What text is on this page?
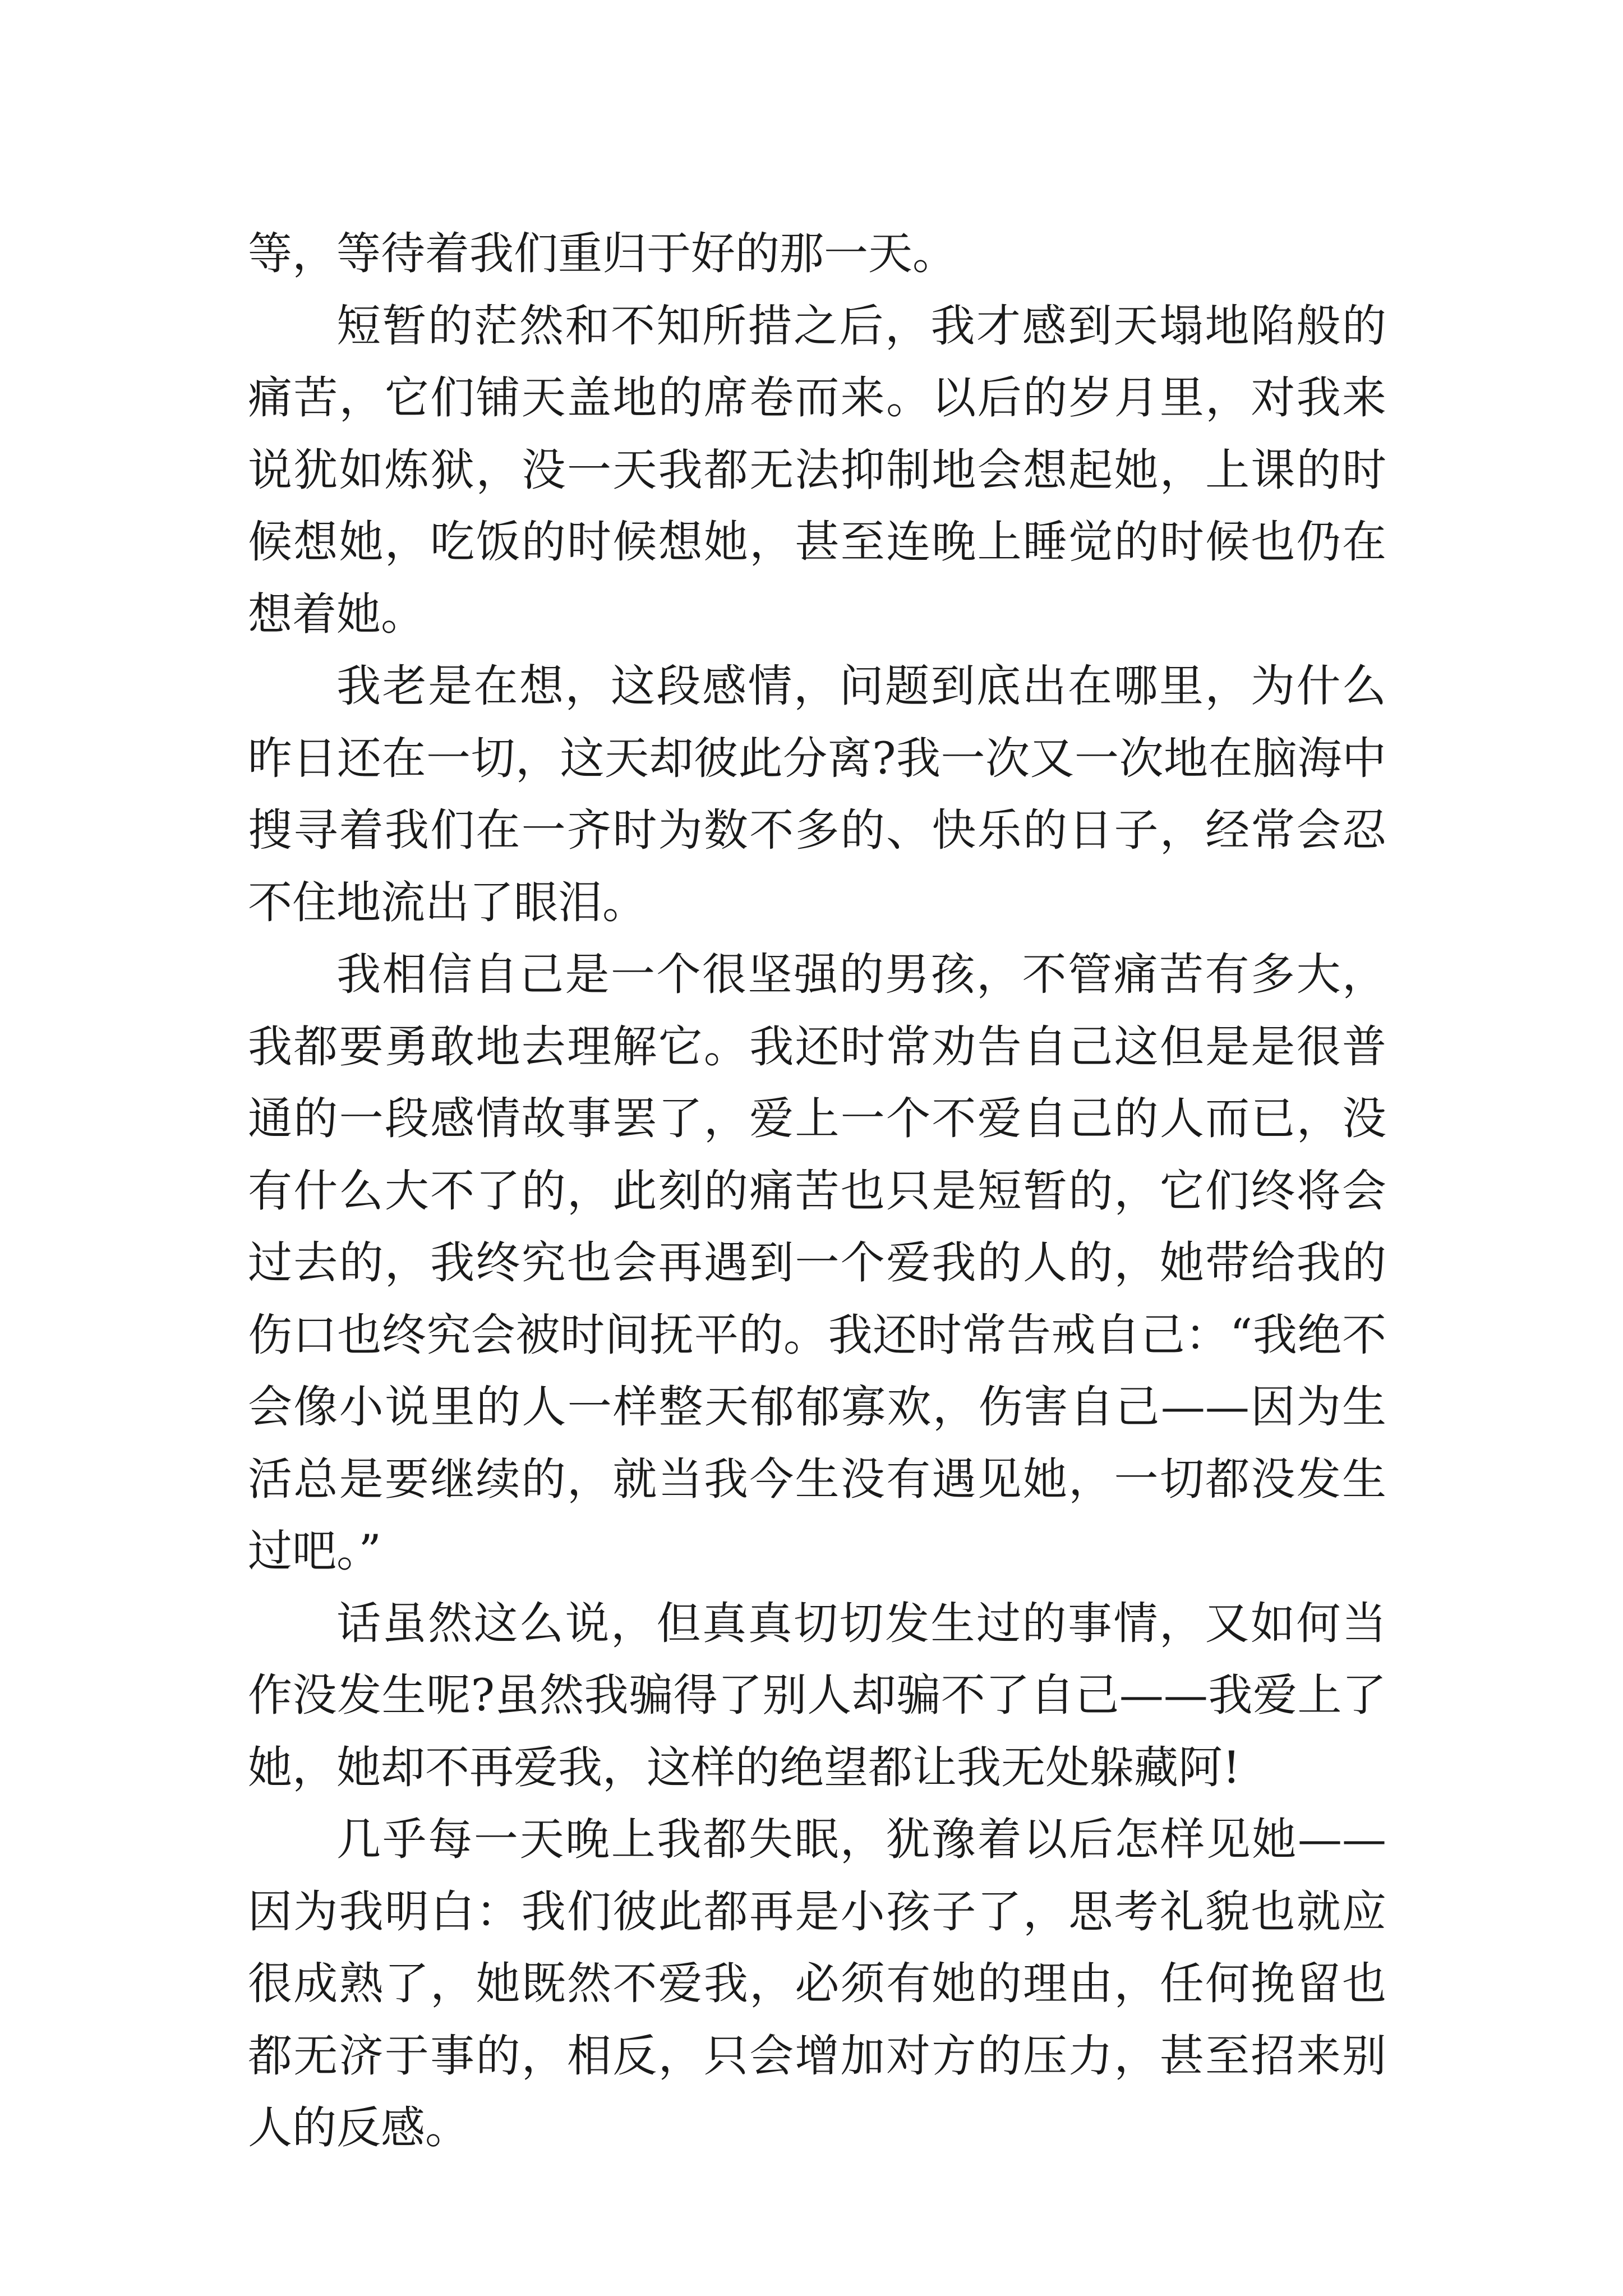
等，等待着我们重归于好的那一天。

短暂的茫然和不知所措之后，我才感到天塌地陷般的痛苦，它们铺天盖地的席卷而来。以后的岁月里，对我来说犹如炼狱，没一天我都无法抑制地会想起她，上课的时候想她，吃饭的时候想她，甚至连晚上睡觉的时候也仍在想着她。

我老是在想，这段感情，问题到底出在哪里，为什么昨日还在一切，这天却彼此分离?我一次又一次地在脑海中搜寻着我们在一齐时为数不多的、快乐的日子，经常会忍不住地流出了眼泪。

我相信自己是一个很坚强的男孩，不管痛苦有多大，我都要勇敢地去理解它。我还时常劝告自己这但是是很普通的一段感情故事罢了，爱上一个不爱自己的人而已，没有什么大不了的，此刻的痛苦也只是短暂的，它们终将会过去的，我终究也会再遇到一个爱我的人的，她带给我的伤口也终究会被时间抚平的。我还时常告戒自己：“我绝不会像小说里的人一样整天郁郁寡欢，伤害自己——因为生活总是要继续的，就当我今生没有遇见她，一切都没发生过吧。”

话虽然这么说，但真真切切发生过的事情，又如何当作没发生呢?虽然我骗得了别人却骗不了自己——我爱上了她，她却不再爱我，这样的绝望都让我无处躲藏阿!

几乎每一天晚上我都失眠，犹豫着以后怎样见她——因为我明白：我们彼此都再是小孩子了，思考礼貌也就应很成熟了，她既然不爱我，必须有她的理由，任何挽留也都无济于事的，相反，只会增加对方的压力，甚至招来别人的反感。
